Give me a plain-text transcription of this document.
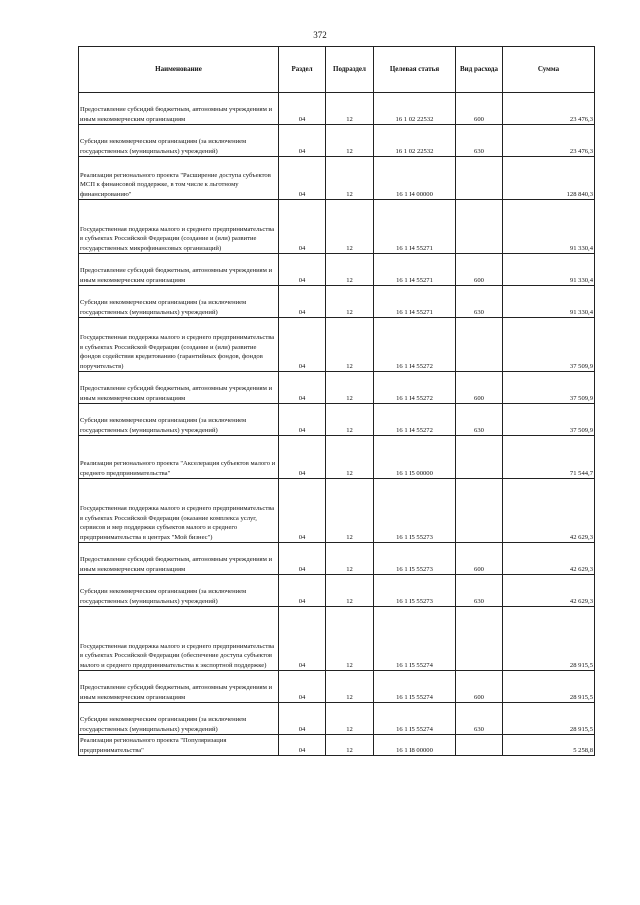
372
Наименование	Раздел	Подраздел	Целевая статья	Вид расхода	Сумма
Предоставление субсидий бюджетным, автономным учреждениям и иным некоммерческим организациям	04	12	16 1 02 22532	600	23 476,3
Субсидии некоммерческим организациям (за исключением государственных (муниципальных) учреждений)	04	12	16 1 02 22532	630	23 476,3
Реализация регионального проекта "Расширение доступа субъектов МСП к финансовой поддержке, в том числе к льготному финансированию"	04	12	16 1 I4 00000		128 840,3
Государственная поддержка малого и среднего предпринимательства в субъектах Российской Федерации (создание и (или) развитие государственных микрофинансовых организаций)	04	12	16 1 I4 55271		91 330,4
Предоставление субсидий бюджетным, автономным учреждениям и иным некоммерческим организациям	04	12	16 1 I4 55271	600	91 330,4
Субсидии некоммерческим организациям (за исключением государственных (муниципальных) учреждений)	04	12	16 1 I4 55271	630	91 330,4
Государственная поддержка малого и среднего предпринимательства в субъектах Российской Федерации (создание и (или) развитие фондов содействия кредитованию (гарантийных фондов, фондов поручительств)	04	12	16 1 I4 55272		37 509,9
Предоставление субсидий бюджетным, автономным учреждениям и иным некоммерческим организациям	04	12	16 1 I4 55272	600	37 509,9
Субсидии некоммерческим организациям (за исключением государственных (муниципальных) учреждений)	04	12	16 1 I4 55272	630	37 509,9
Реализация регионального проекта "Акселерация субъектов малого и среднего предпринимательства"	04	12	16 1 I5 00000		71 544,7
Государственная поддержка малого и среднего предпринимательства в субъектах Российской Федерации (оказание комплекса услуг, сервисов и мер поддержки субъектов малого и среднего предпринимательства в центрах "Мой бизнес")	04	12	16 1 I5 55273		42 629,3
Предоставление субсидий бюджетным, автономным учреждениям и иным некоммерческим организациям	04	12	16 1 I5 55273	600	42 629,3
Субсидии некоммерческим организациям (за исключением государственных (муниципальных) учреждений)	04	12	16 1 I5 55273	630	42 629,3
Государственная поддержка малого и среднего предпринимательства в субъектах Российской Федерации (обеспечение доступа субъектов малого и среднего предпринимательства к экспортной поддержке)	04	12	16 1 I5 55274		28 915,5
Предоставление субсидий бюджетным, автономным учреждениям и иным некоммерческим организациям	04	12	16 1 I5 55274	600	28 915,5
Субсидии некоммерческим организациям (за исключением государственных (муниципальных) учреждений)	04	12	16 1 I5 55274	630	28 915,5
Реализация регионального проекта "Популяризация предпринимательства"	04	12	16 1 I8 00000		5 258,8
